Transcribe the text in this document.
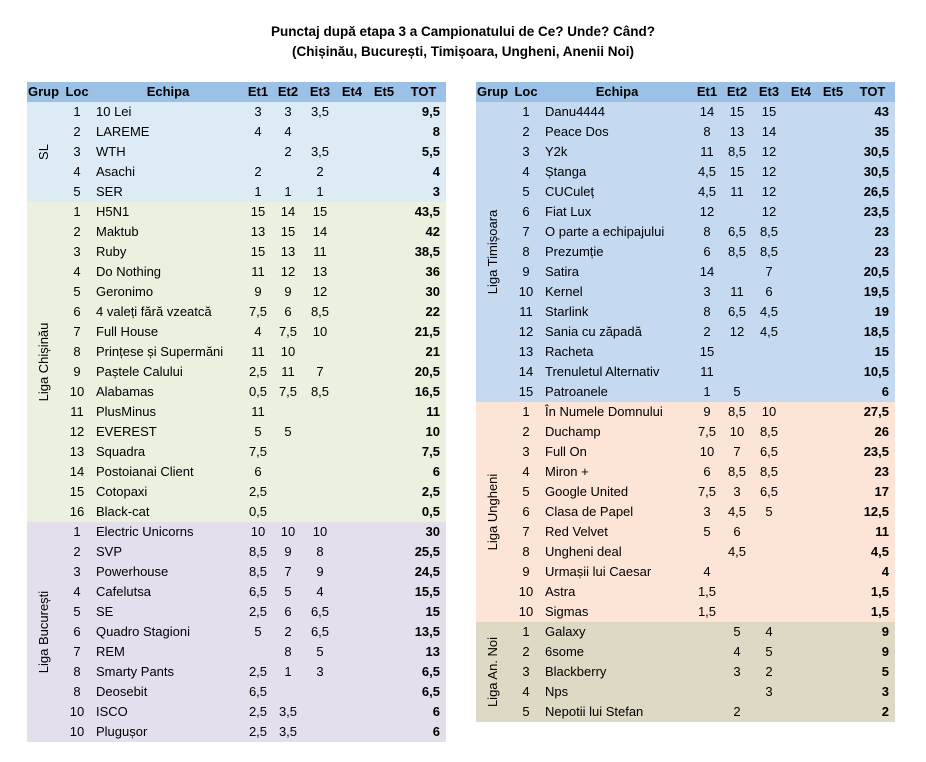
Punctaj după etapa 3 a Campionatului de Ce? Unde? Când?
(Chișinău, București, Timișoara, Ungheni, Anenii Noi)
Grup	Loc	Echipa	Et1	Et2	Et3	Et4	Et5	TOT

SL	1	10 Lei	3	3	3,5			9,5
	2	LAREME	4	4				8
	3	WTH		2	3,5			5,5
	4	Asachi	2		2			4
	5	SER	1	1	1			3

Liga Chișinău	1	H5N1	15	14	15			43,5
	2	Maktub	13	15	14			42
	3	Ruby	15	13	11			38,5
	4	Do Nothing	11	12	13			36
	5	Geronimo	9	9	12			30
	6	4 valeți fără vzeatcă	7,5	6	8,5			22
	7	Full House	4	7,5	10			21,5
	8	Prințese și Supermăni	11	10				21
	9	Paștele Calului	2,5	11	7			20,5
	10	Alabamas	0,5	7,5	8,5			16,5
	11	PlusMinus	11					11
	12	EVEREST	5	5				10
	13	Squadra	7,5					7,5
	14	Postoianai Client	6					6
	15	Cotopaxi	2,5					2,5
	16	Black-cat	0,5					0,5

Liga București	1	Electric Unicorns	10	10	10			30
	2	SVP	8,5	9	8			25,5
	3	Powerhouse	8,5	7	9			24,5
	4	Cafelutsa	6,5	5	4			15,5
	5	SE	2,5	6	6,5			15
	6	Quadro Stagioni	5	2	6,5			13,5
	7	REM		8	5			13
	8	Smarty Pants	2,5	1	3			6,5
	8	Deosebit	6,5					6,5
	10	ISCO	2,5	3,5				6
	10	Plugușor	2,5	3,5				6
Grup	Loc	Echipa	Et1	Et2	Et3	Et4	Et5	TOT

Liga Timișoara	1	Danu4444	14	15	15			43
	2	Peace Dos	8	13	14			35
	3	Y2k	11	8,5	12			30,5
	4	Ștanga	4,5	15	12			30,5
	5	CUCuleț	4,5	11	12			26,5
	6	Fiat Lux	12		12			23,5
	7	O parte a echipajului	8	6,5	8,5			23
	8	Prezumție	6	8,5	8,5			23
	9	Satira	14		7			20,5
	10	Kernel	3	11	6			19,5
	11	Starlink	8	6,5	4,5			19
	12	Sania cu zăpadă	2	12	4,5			18,5
	13	Racheta	15					15
	14	Trenuletul Alternativ	11					10,5
	15	Patroanele	1	5				6

Liga Ungheni	1	În Numele Domnului	9	8,5	10			27,5
	2	Duchamp	7,5	10	8,5			26
	3	Full On	10	7	6,5			23,5
	4	Miron +	6	8,5	8,5			23
	5	Google United	7,5	3	6,5			17
	6	Clasa de Papel	3	4,5	5			12,5
	7	Red Velvet	5	6				11
	8	Ungheni deal		4,5				4,5
	9	Urmașii lui Caesar	4					4
	10	Astra	1,5					1,5
	10	Sigmas	1,5					1,5

Liga An. Noi	1	Galaxy		5	4			9
	2	6some		4	5			9
	3	Blackberry		3	2			5
	4	Nps			3			3
	5	Nepotii lui Stefan		2				2
